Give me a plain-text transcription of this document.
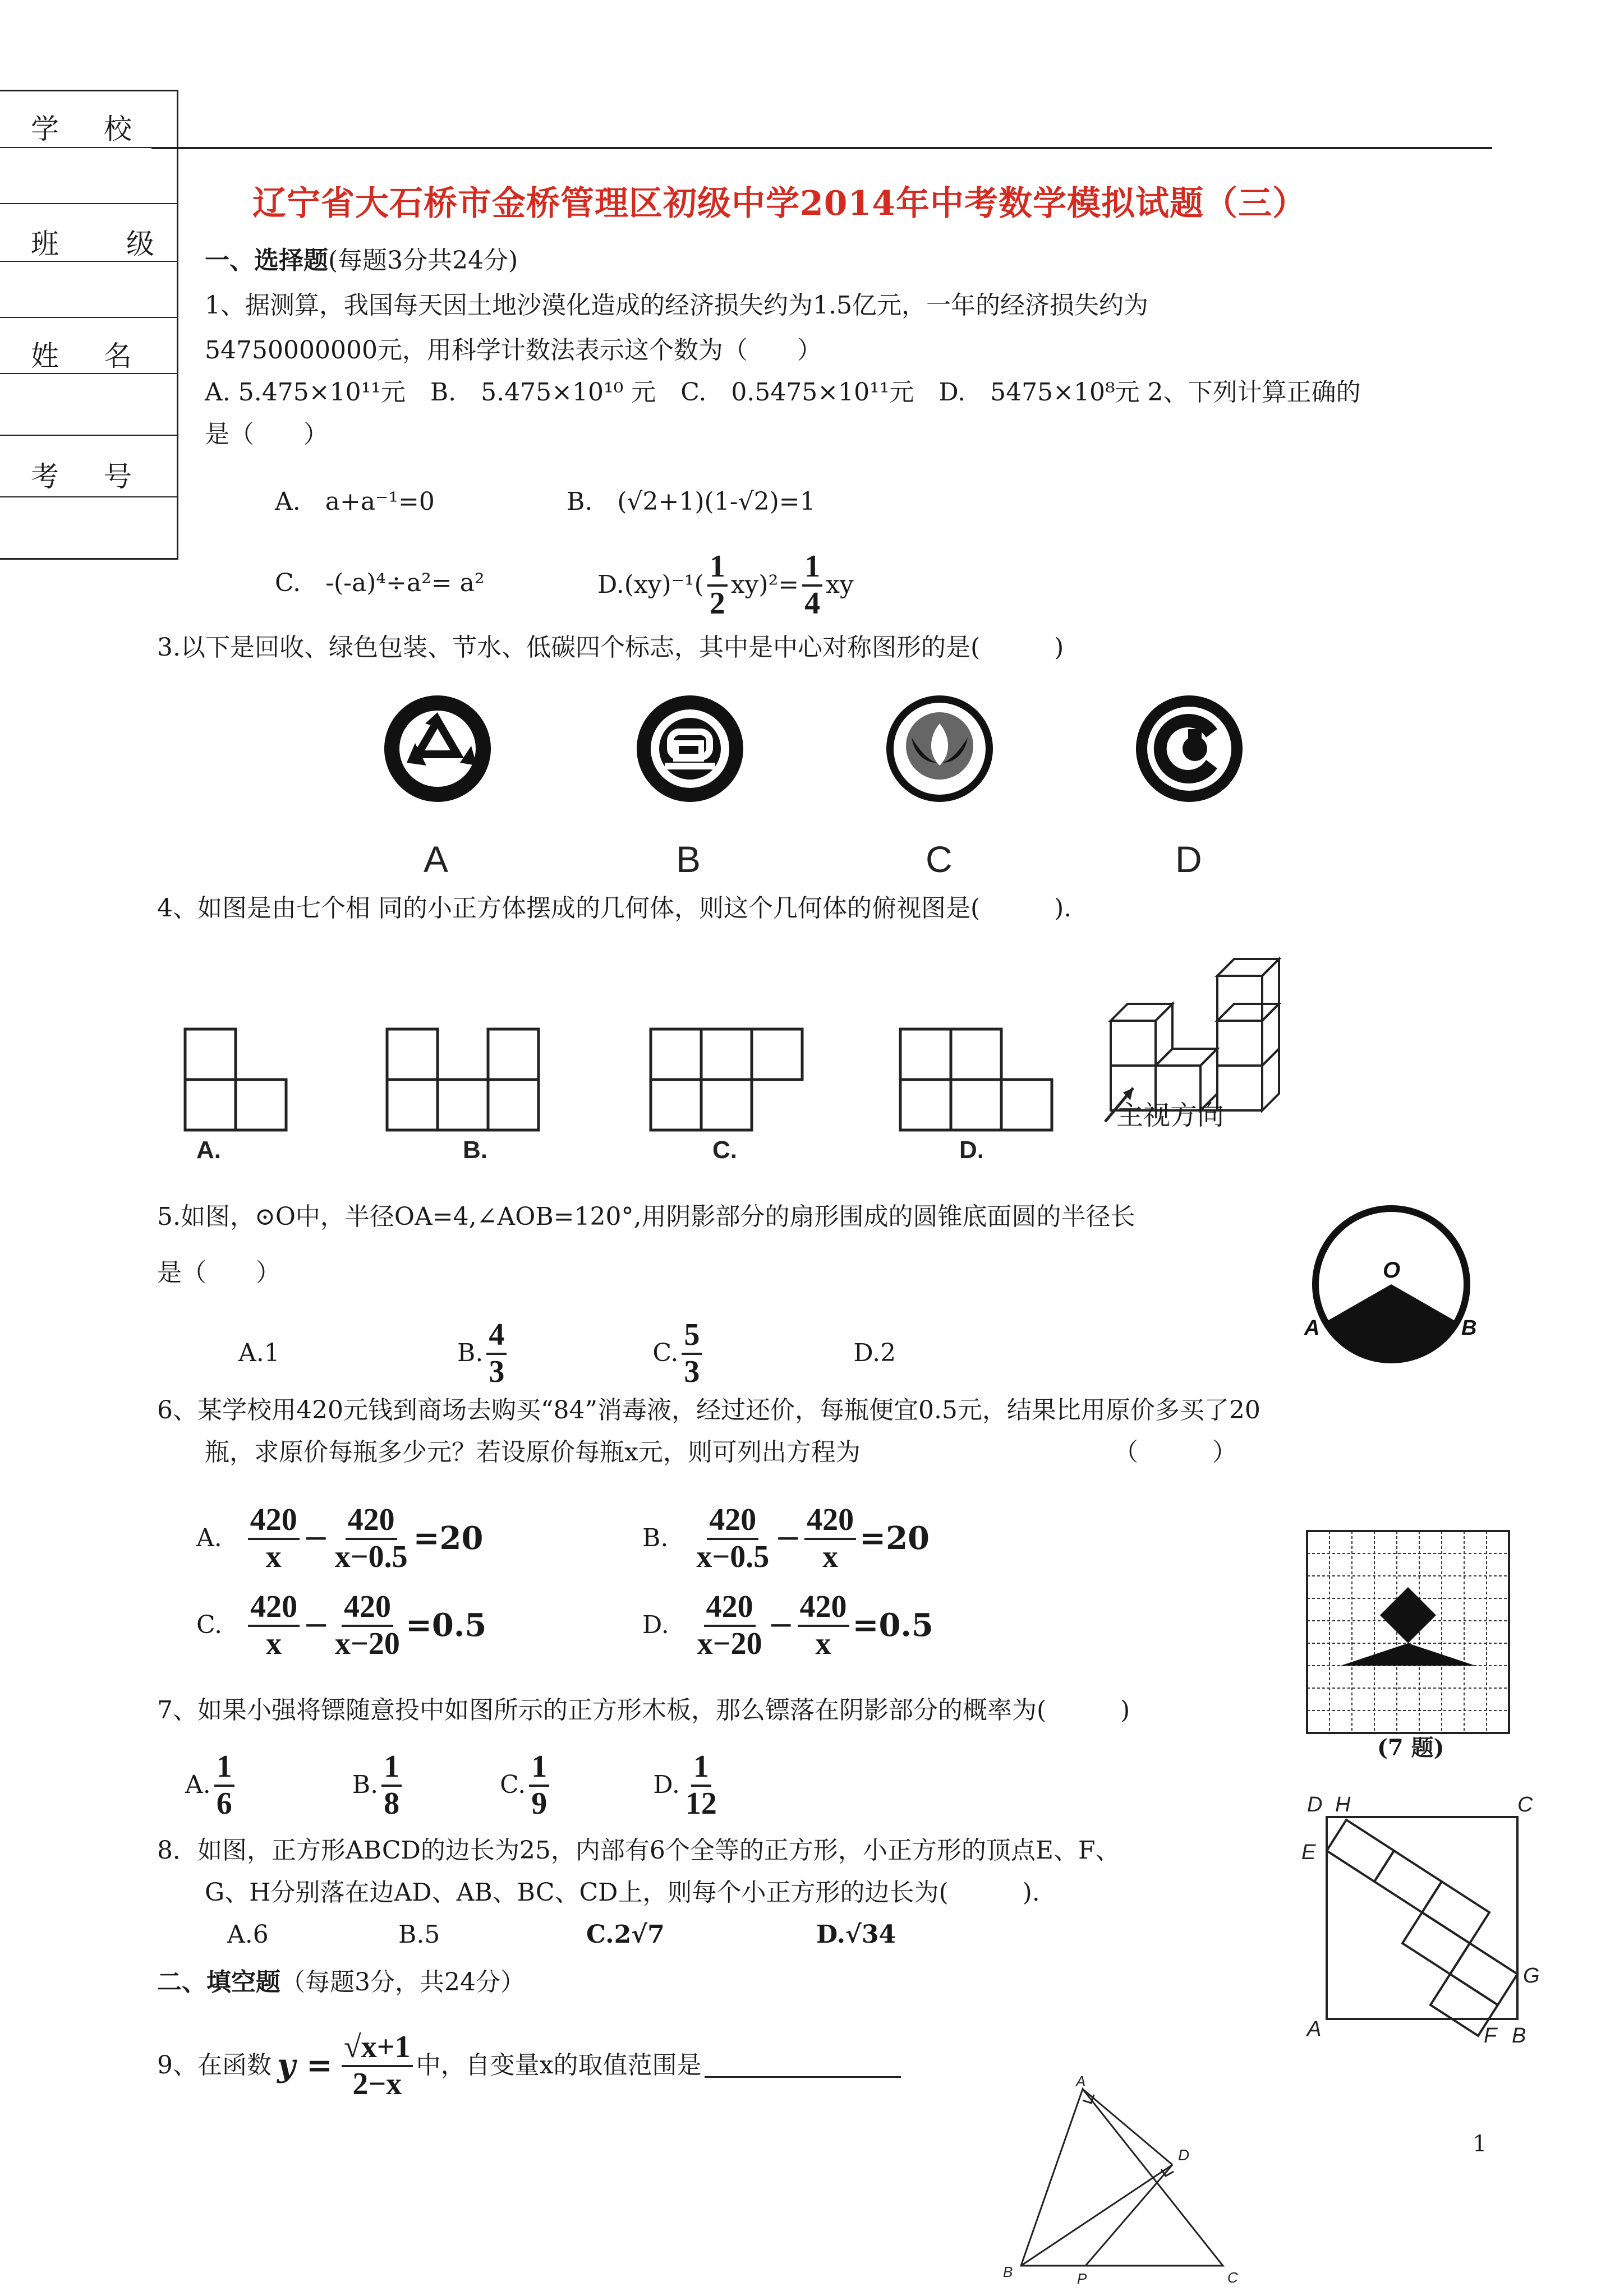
学校
班级
姓名
考号
辽宁省大石桥市金桥管理区初级中学2014年中考数学模拟试题（三）
一、选择题(每题3分共24分)
1、据测算，我国每天因土地沙漠化造成的经济损失约为1.5亿元，一年的经济损失约为
54750000000元，用科学计数法表示这个数为（　　）
A. 5.475×10¹¹元　B.　5.475×10¹⁰ 元　C.　0.5475×10¹¹元　D.　5475×10⁸元 2、下列计算正确的
是（　　）
A.　a+a⁻¹=0	B.　(√2+1)(1-√2)=1
C.　-(-a)⁴÷a²= a²	$D.(xy)^{-1}( \frac{1}{2} xy)^2= \frac{1}{4}$ xy
3.以下是回收、绿色包装、节水、低碳四个标志，其中是中心对称图形的是(　　　)
A	B	C	D
4、如图是由七个相 同的小正方体摆成的几何体，则这个几何体的俯视图是(　　　).
A.	B.	C.	D.
主视方向
5.如图，⊙O中，半径OA=4,∠AOB=120°,用阴影部分的扇形围成的圆锥底面圆的半径长
是（　　）
A.1	B. $\frac{4}{3}$	C. $\frac{5}{3}$	D.2
O
A	B
6、某学校用420元钱到商场去购买“84”消毒液，经过还价，每瓶便宜0.5元，结果比用原价多买了20
瓶，求原价每瓶多少元？若设原价每瓶x元，则可列出方程为	（　　　）
A. $\frac{420}{x} - \frac{420}{x-0.5} =20$	B. $\frac{420}{x-0.5} - \frac{420}{x} =20$
C. $\frac{420}{x} - \frac{420}{x-20} =0.5$	D. $\frac{420}{x-20} - \frac{420}{x} =0.5$
(7 题)
7、如果小强将镖随意投中如图所示的正方形木板，那么镖落在阴影部分的概率为(　　　)
A. $\frac{1}{6}$	B. $\frac{1}{8}$	C. $\frac{1}{9}$	D. $\frac{1}{12}$
8．如图，正方形ABCD的边长为25，内部有6个全等的正方形，小正方形的顶点E、F、
G、H分别落在边AD、AB、BC、CD上，则每个小正方形的边长为(　　　).
A.6	B.5	C.2√7	D.√34
D H	C
E
G
A	F B
二、填空题（每题3分，共24分）
9、在函数 $y = \frac{√x+1}{2-x}$ 中，自变量x的取值范围是
A
D
B	P	C
1
